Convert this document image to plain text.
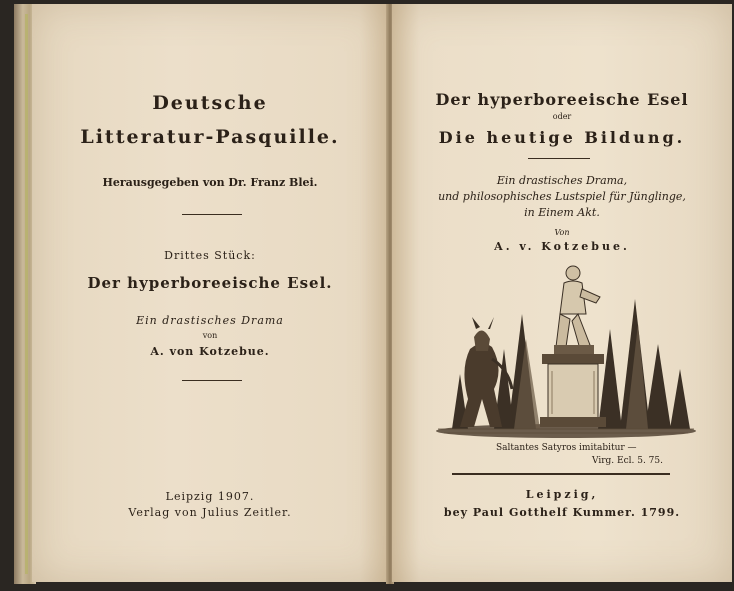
Deutsche
Litteratur-Pasquille.
Herausgegeben von Dr. Franz Blei.
Drittes Stück:
Der hyperboreeische Esel.
Ein drastisches Drama
von
A. von Kotzebue.
Leipzig 1907.
Verlag von Julius Zeitler.
Der hyperboreeische Esel
oder
Die heutige Bildung.
Ein drastisches Drama,
und philosophisches Lustspiel für Jünglinge,
in Einem Akt.
Von
A. v. Kotzebue.
Saltantes Satyros imitabitur —
Virg. Ecl. 5. 75.
Leipzig,
bey Paul Gotthelf Kummer. 1799.
